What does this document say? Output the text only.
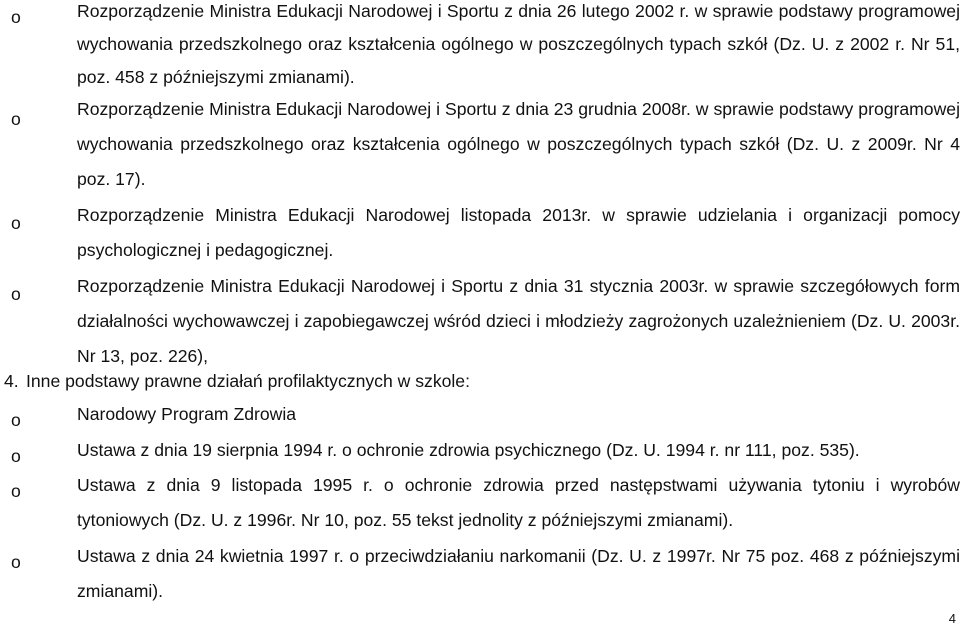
o	Rozporządzenie Ministra Edukacji Narodowej i Sportu z dnia 26 lutego 2002 r. w sprawie podstawy programowej wychowania przedszkolnego oraz kształcenia ogólnego w poszczególnych typach szkół (Dz. U. z 2002 r. Nr 51, poz. 458 z późniejszymi zmianami).
o	Rozporządzenie Ministra Edukacji Narodowej i Sportu z dnia 23 grudnia 2008r. w sprawie podstawy programowej wychowania przedszkolnego oraz kształcenia ogólnego w poszczególnych typach szkół (Dz. U. z 2009r. Nr 4 poz. 17).
o	Rozporządzenie Ministra Edukacji Narodowej listopada 2013r. w sprawie udzielania i organizacji pomocy psychologicznej i pedagogicznej.
o	Rozporządzenie Ministra Edukacji Narodowej i Sportu z dnia 31 stycznia 2003r. w sprawie szczegółowych form działalności wychowawczej i zapobiegawczej wśród dzieci i młodzieży zagrożonych uzależnieniem (Dz. U. 2003r. Nr 13, poz. 226),
4. Inne podstawy prawne działań profilaktycznych w szkole:
o	Narodowy Program Zdrowia
o	Ustawa z dnia 19 sierpnia 1994 r. o ochronie zdrowia psychicznego (Dz. U. 1994 r. nr 111, poz. 535).
o	Ustawa z dnia 9 listopada 1995 r. o ochronie zdrowia przed następstwami używania tytoniu i wyrobów tytoniowych (Dz. U. z 1996r. Nr 10, poz. 55 tekst jednolity z późniejszymi zmianami).
o	Ustawa z dnia 24 kwietnia 1997 r. o przeciwdziałaniu narkomanii (Dz. U. z 1997r. Nr 75 poz. 468 z późniejszymi zmianami).
4
